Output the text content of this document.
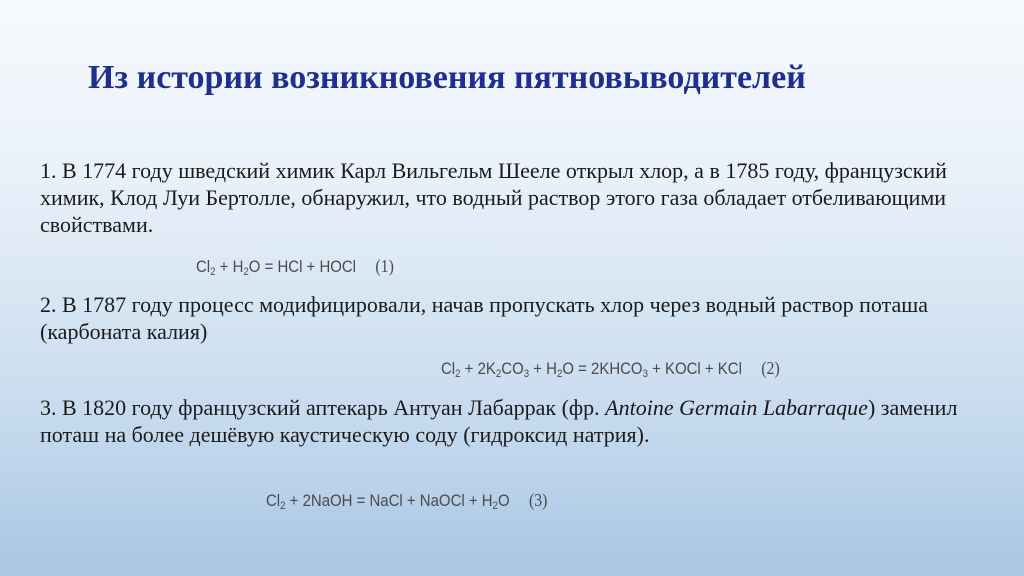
Из истории возникновения пятновыводителей
1. В 1774 году шведский химик Карл Вильгельм Шееле открыл хлор, а в 1785 году, французский химик, Клод Луи Бертолле, обнаружил, что водный раствор этого газа обладает отбеливающими свойствами.
$Cl_2 + H_2O$ = HCl + HOCl (1)
2. В 1787 году процесс модифицировали, начав пропускать хлор через водный раствор поташа (карбоната калия)
$Cl_2 + 2K_2CO_3 + H_2O$ = $2KHCO_3$ + KOCl + KCl (2)
3. В 1820 году французский аптекарь Антуан Лабаррак (фр. Antoine Germain Labarraque) заменил поташ на более дешёвую каустическую соду (гидроксид натрия).
$Cl_2$ + 2NaOH = NaCl + NaOCl + $H_2O$ (3)
